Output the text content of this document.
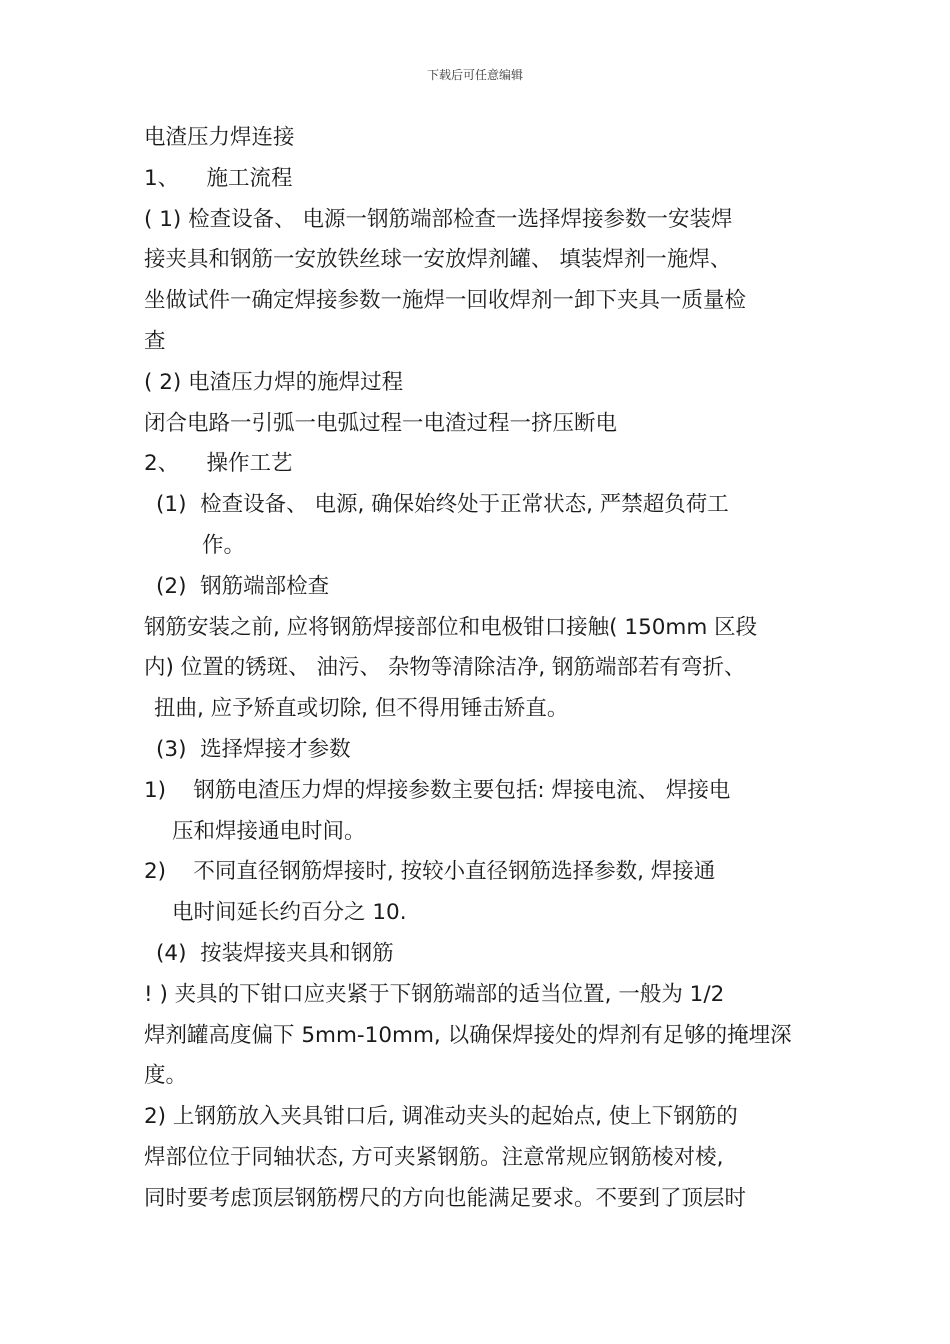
下载后可任意编辑
电渣压力焊连接
1、    施工流程
( 1) 检查设备、 电源一钢筋端部检查一选择焊接参数一安装焊
接夹具和钢筋一安放铁丝球一安放焊剂罐、 填装焊剂一施焊、
坐做试件一确定焊接参数一施焊一回收焊剂一卸下夹具一质量检
查
( 2) 电渣压力焊的施焊过程
闭合电路一引弧一电弧过程一电渣过程一挤压断电
2、    操作工艺
(1)  检查设备、 电源, 确保始终处于正常状态, 严禁超负荷工
作。
(2)  钢筋端部检查
钢筋安装之前, 应将钢筋焊接部位和电极钳口接触( 150mm 区段
内) 位置的锈斑、 油污、 杂物等清除洁净, 钢筋端部若有弯折、
扭曲, 应予矫直或切除, 但不得用锤击矫直。
(3)  选择焊接才参数
1)    钢筋电渣压力焊的焊接参数主要包括: 焊接电流、 焊接电
压和焊接通电时间。
2)    不同直径钢筋焊接时, 按较小直径钢筋选择参数, 焊接通
电时间延长约百分之 10.
(4)  按装焊接夹具和钢筋
! ) 夹具的下钳口应夹紧于下钢筋端部的适当位置, 一般为 1/2
焊剂罐高度偏下 5mm-10mm, 以确保焊接处的焊剂有足够的掩埋深
度。
2) 上钢筋放入夹具钳口后, 调准动夹头的起始点, 使上下钢筋的
焊部位位于同轴状态, 方可夹紧钢筋。注意常规应钢筋棱对棱,
同时要考虑顶层钢筋楞尺的方向也能满足要求。不要到了顶层时
